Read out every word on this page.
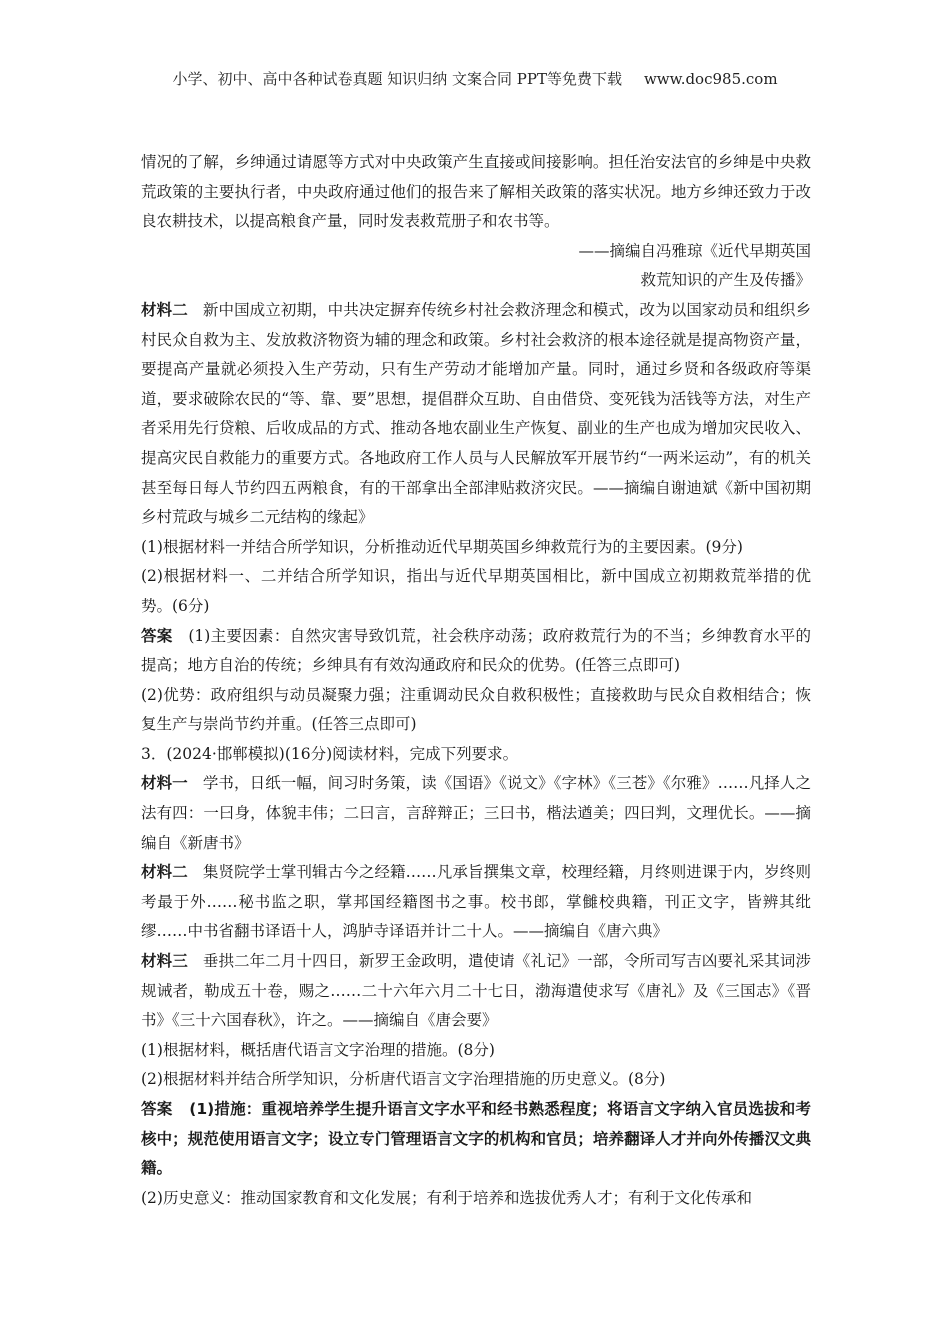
小学、初中、高中各种试卷真题 知识归纳 文案合同 PPT等免费下载 www.doc985.com

情况的了解，乡绅通过请愿等方式对中央政策产生直接或间接影响。担任治安法官的乡绅是中央救荒政策的主要执行者，中央政府通过他们的报告来了解相关政策的落实状况。地方乡绅还致力于改良农耕技术，以提高粮食产量，同时发表救荒册子和农书等。

——摘编自冯雅琼《近代早期英国

救荒知识的产生及传播》

材料二 新中国成立初期，中共决定摒弃传统乡村社会救济理念和模式，改为以国家动员和组织乡村民众自救为主、发放救济物资为辅的理念和政策。乡村社会救济的根本途径就是提高物资产量，要提高产量就必须投入生产劳动，只有生产劳动才能增加产量。同时，通过乡贤和各级政府等渠道，要求破除农民的“等、靠、要”思想，提倡群众互助、自由借贷、变死钱为活钱等方法，对生产者采用先行贷粮、后收成品的方式、推动各地农副业生产恢复、副业的生产也成为增加灾民收入、提高灾民自救能力的重要方式。各地政府工作人员与人民解放军开展节约“一两米运动”，有的机关甚至每日每人节约四五两粮食，有的干部拿出全部津贴救济灾民。——摘编自谢迪斌《新中国初期乡村荒政与城乡二元结构的缘起》

(1)根据材料一并结合所学知识，分析推动近代早期英国乡绅救荒行为的主要因素。(9分)

(2)根据材料一、二并结合所学知识，指出与近代早期英国相比，新中国成立初期救荒举措的优势。(6分)

答案 (1)主要因素：自然灾害导致饥荒，社会秩序动荡；政府救荒行为的不当；乡绅教育水平的提高；地方自治的传统；乡绅具有有效沟通政府和民众的优势。(任答三点即可)

(2)优势：政府组织与动员凝聚力强；注重调动民众自救积极性；直接救助与民众自救相结合；恢复生产与崇尚节约并重。(任答三点即可)

3．(2024·邯郸模拟)(16分)阅读材料，完成下列要求。

材料一 学书，日纸一幅，间习时务策，读《国语》《说文》《字林》《三苍》《尔雅》……凡择人之法有四：一曰身，体貌丰伟；二曰言，言辞辩正；三曰书，楷法遒美；四曰判，文理优长。——摘编自《新唐书》

材料二 集贤院学士掌刊辑古今之经籍……凡承旨撰集文章，校理经籍，月终则进课于内，岁终则考最于外……秘书监之职，掌邦国经籍图书之事。校书郎，掌雠校典籍，刊正文字，皆辨其纰缪……中书省翻书译语十人，鸿胪寺译语并计二十人。——摘编自《唐六典》

材料三 垂拱二年二月十四日，新罗王金政明，遣使请《礼记》一部，令所司写吉凶要礼采其词涉规诫者，勒成五十卷，赐之……二十六年六月二十七日，渤海遣使求写《唐礼》及《三国志》《晋书》《三十六国春秋》，许之。——摘编自《唐会要》

(1)根据材料，概括唐代语言文字治理的措施。(8分)

(2)根据材料并结合所学知识，分析唐代语言文字治理措施的历史意义。(8分)

答案 (1)措施：重视培养学生提升语言文字水平和经书熟悉程度；将语言文字纳入官员选拔和考核中；规范使用语言文字；设立专门管理语言文字的机构和官员；培养翻译人才并向外传播汉文典籍。

(2)历史意义：推动国家教育和文化发展；有利于培养和选拔优秀人才；有利于文化传承和
